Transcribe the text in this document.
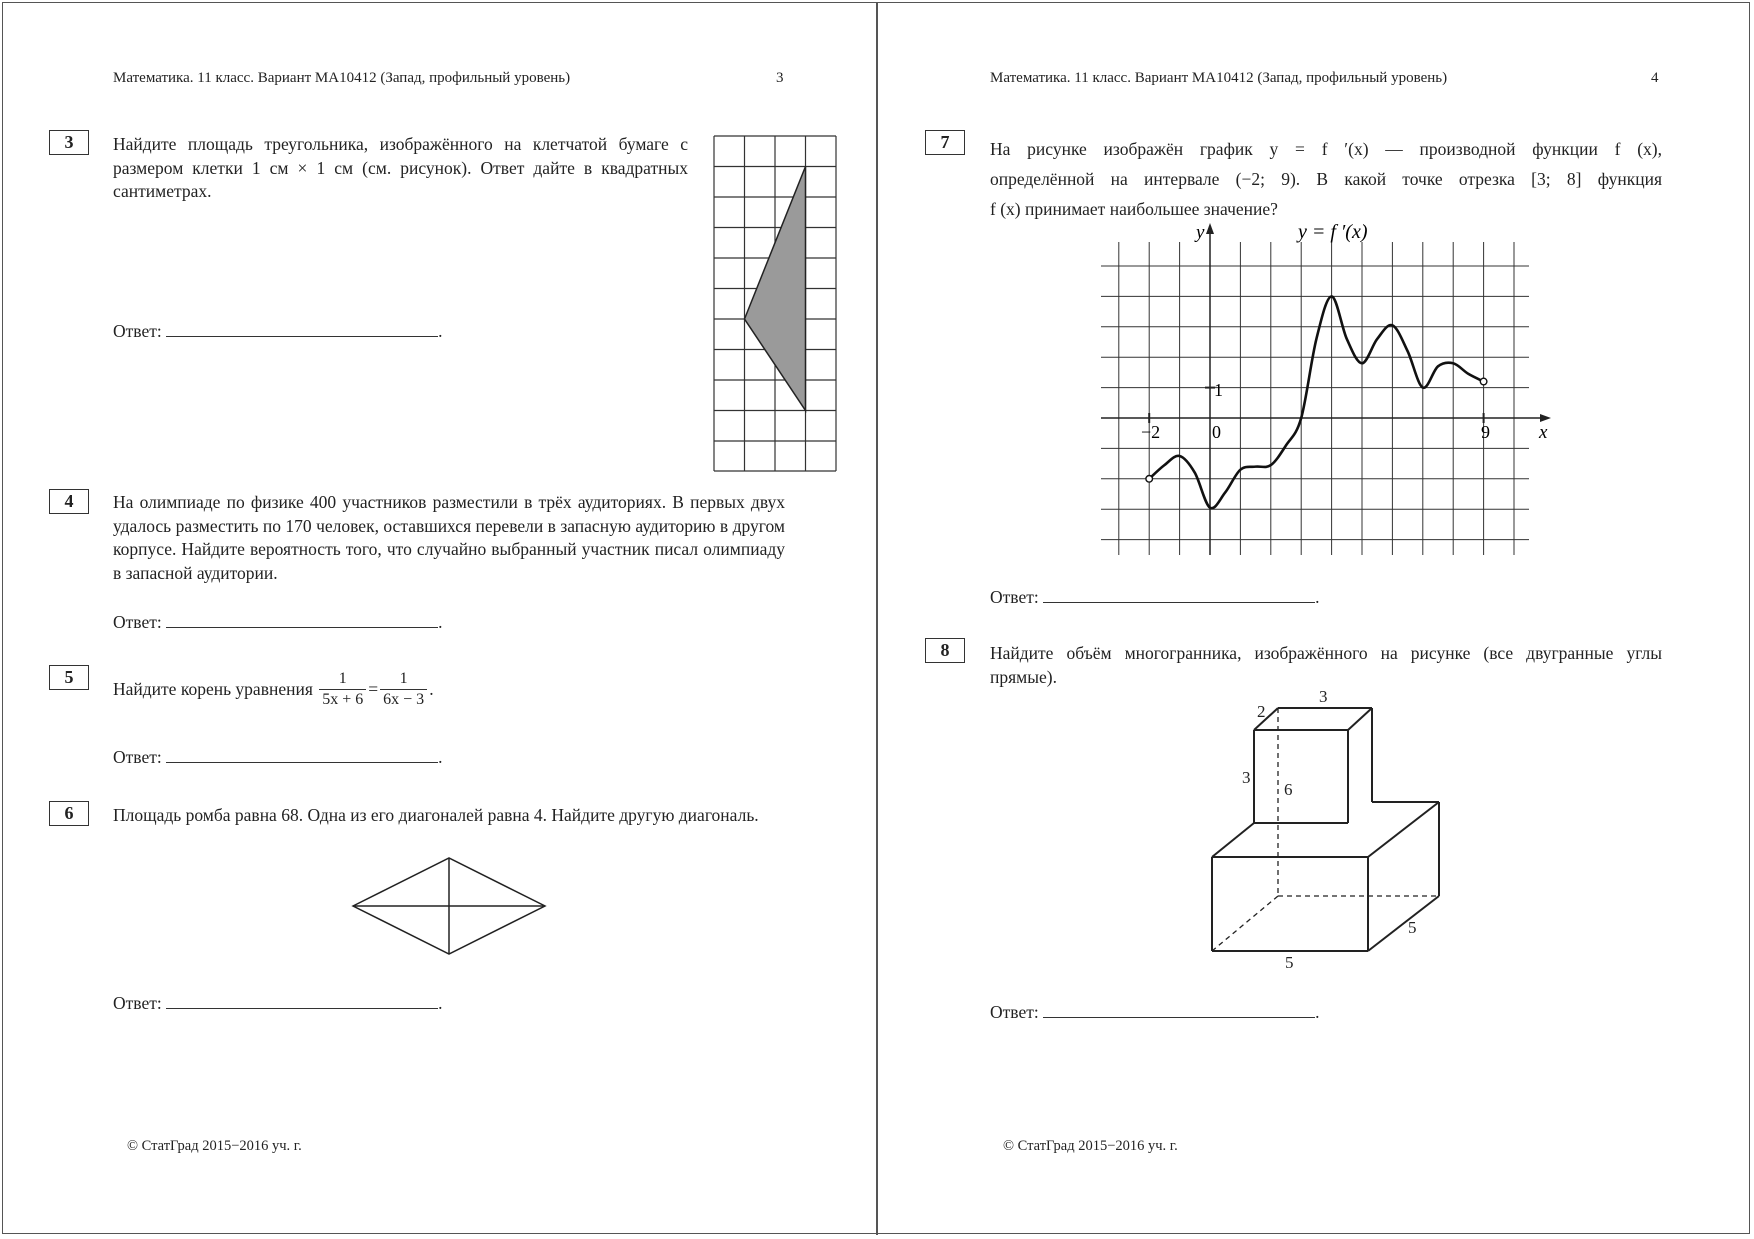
Математика. 11 класс. Вариант МА10412 (Запад, профильный уровень)	3
3	Найдите площадь треугольника, изображённого на клетчатой бумаге с размером клетки 1 см × 1 см (см. рисунок). Ответ дайте в квадратных сантиметрах.
Ответ:	.
4	На олимпиаде по физике 400 участников разместили в трёх аудиториях. В первых двух удалось разместить по 170 человек, оставшихся перевели в запасную аудиторию в другом корпусе. Найдите вероятность того, что случайно выбранный участник писал олимпиаду в запасной аудитории.
Ответ:	.
5
Найдите корень уравнения $\frac{1}{5x + 6} = \frac{1}{6x - 3}$ .
Ответ:	.
6	Площадь ромба равна 68. Одна из его диагоналей равна 4. Найдите другую диагональ.
Ответ:	.
© СтатГрад 2015−2016 уч. г.
Математика. 11 класс. Вариант МА10412 (Запад, профильный уровень)	4
7	На рисунке изображён график y = f ′(x) — производной функции f (x),
определённой на интервале (−2; 9). В какой точке отрезка [3; 8] функция
f (x) принимает наибольшее значение?
y
x
y = f ′(x)
1
0
−2	9
Ответ:	.
8	Найдите объём многогранника, изображённого на рисунке (все двугранные углы прямые).
2
3
3
6
5
5
Ответ:	.
© СтатГрад 2015−2016 уч. г.
